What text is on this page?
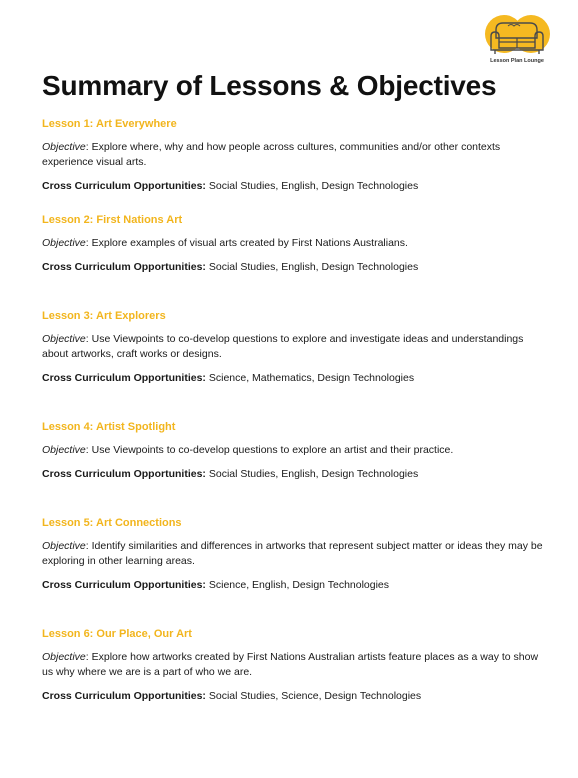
Lesson Plan Lounge
Summary of Lessons & Objectives

Lesson 1: Art Everywhere

Objective: Explore where, why and how people across cultures, communities and/or other contexts experience visual arts.

Cross Curriculum Opportunities: Social Studies, English, Design Technologies

Lesson 2: First Nations Art

Objective: Explore examples of visual arts created by First Nations Australians.

Cross Curriculum Opportunities: Social Studies, English, Design Technologies

Lesson 3: Art Explorers

Objective: Use Viewpoints to co-develop questions to explore and investigate ideas and understandings about artworks, craft works or designs.

Cross Curriculum Opportunities: Science, Mathematics, Design Technologies

Lesson 4: Artist Spotlight

Objective: Use Viewpoints to co-develop questions to explore an artist and their practice.

Cross Curriculum Opportunities: Social Studies, English, Design Technologies

Lesson 5: Art Connections

Objective: Identify similarities and differences in artworks that represent subject matter or ideas they may be exploring in other learning areas.

Cross Curriculum Opportunities: Science, English, Design Technologies

Lesson 6: Our Place, Our Art

Objective: Explore how artworks created by First Nations Australian artists feature places as a way to show us why where we are is a part of who we are.

Cross Curriculum Opportunities: Social Studies, Science, Design Technologies
